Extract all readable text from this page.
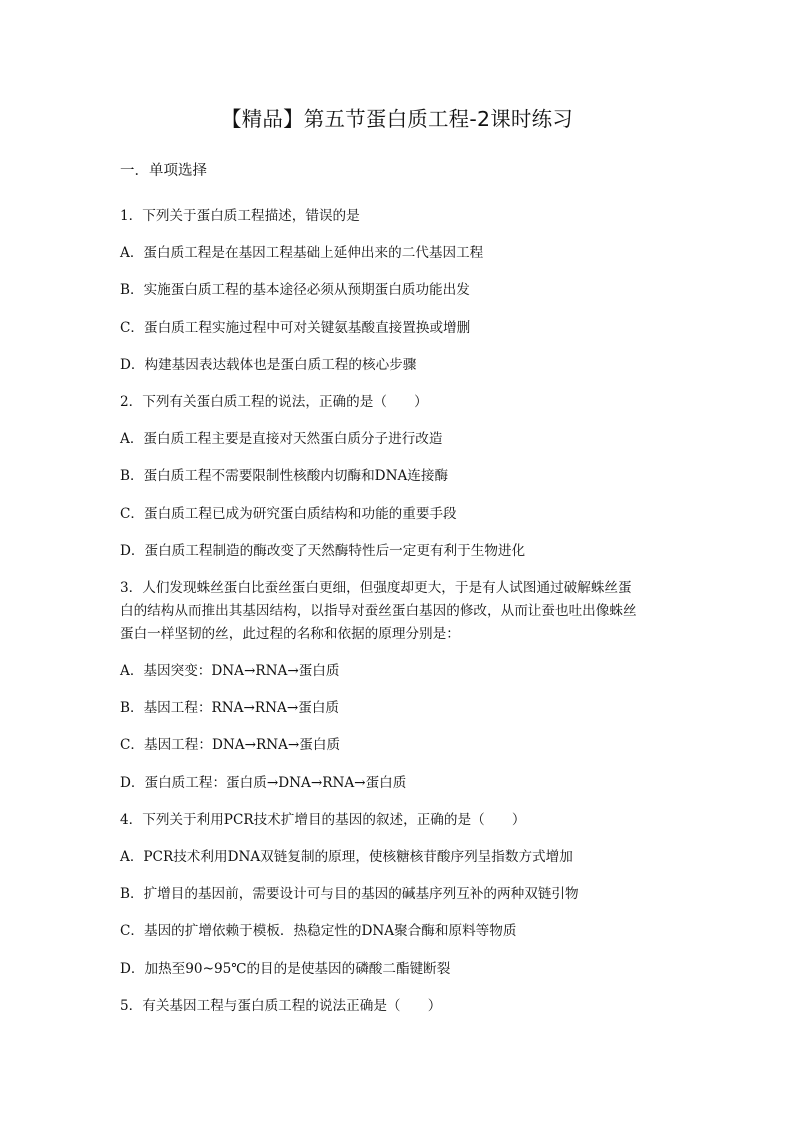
【精品】第五节蛋白质工程-2课时练习
一．单项选择

1．下列关于蛋白质工程描述，错误的是

A．蛋白质工程是在基因工程基础上延伸出来的二代基因工程

B．实施蛋白质工程的基本途径必须从预期蛋白质功能出发

C．蛋白质工程实施过程中可对关键氨基酸直接置换或增删

D．构建基因表达载体也是蛋白质工程的核心步骤

2．下列有关蛋白质工程的说法，正确的是（　　）

A．蛋白质工程主要是直接对天然蛋白质分子进行改造

B．蛋白质工程不需要限制性核酸内切酶和DNA连接酶

C．蛋白质工程已成为研究蛋白质结构和功能的重要手段

D．蛋白质工程制造的酶改变了天然酶特性后一定更有利于生物进化

3．人们发现蛛丝蛋白比蚕丝蛋白更细，但强度却更大，于是有人试图通过破解蛛丝蛋

白的结构从而推出其基因结构，以指导对蚕丝蛋白基因的修改，从而让蚕也吐出像蛛丝

蛋白一样坚韧的丝，此过程的名称和依据的原理分别是：

A．基因突变：DNA→RNA→蛋白质

B．基因工程：RNA→RNA→蛋白质

C．基因工程：DNA→RNA→蛋白质

D．蛋白质工程：蛋白质→DNA→RNA→蛋白质

4．下列关于利用PCR技术扩增目的基因的叙述，正确的是（　　）

A．PCR技术利用DNA双链复制的原理，使核糖核苷酸序列呈指数方式增加

B．扩增目的基因前，需要设计可与目的基因的碱基序列互补的两种双链引物

C．基因的扩增依赖于模板．热稳定性的DNA聚合酶和原料等物质

D．加热至90~95℃的目的是使基因的磷酸二酯键断裂

5．有关基因工程与蛋白质工程的说法正确是（　　）
